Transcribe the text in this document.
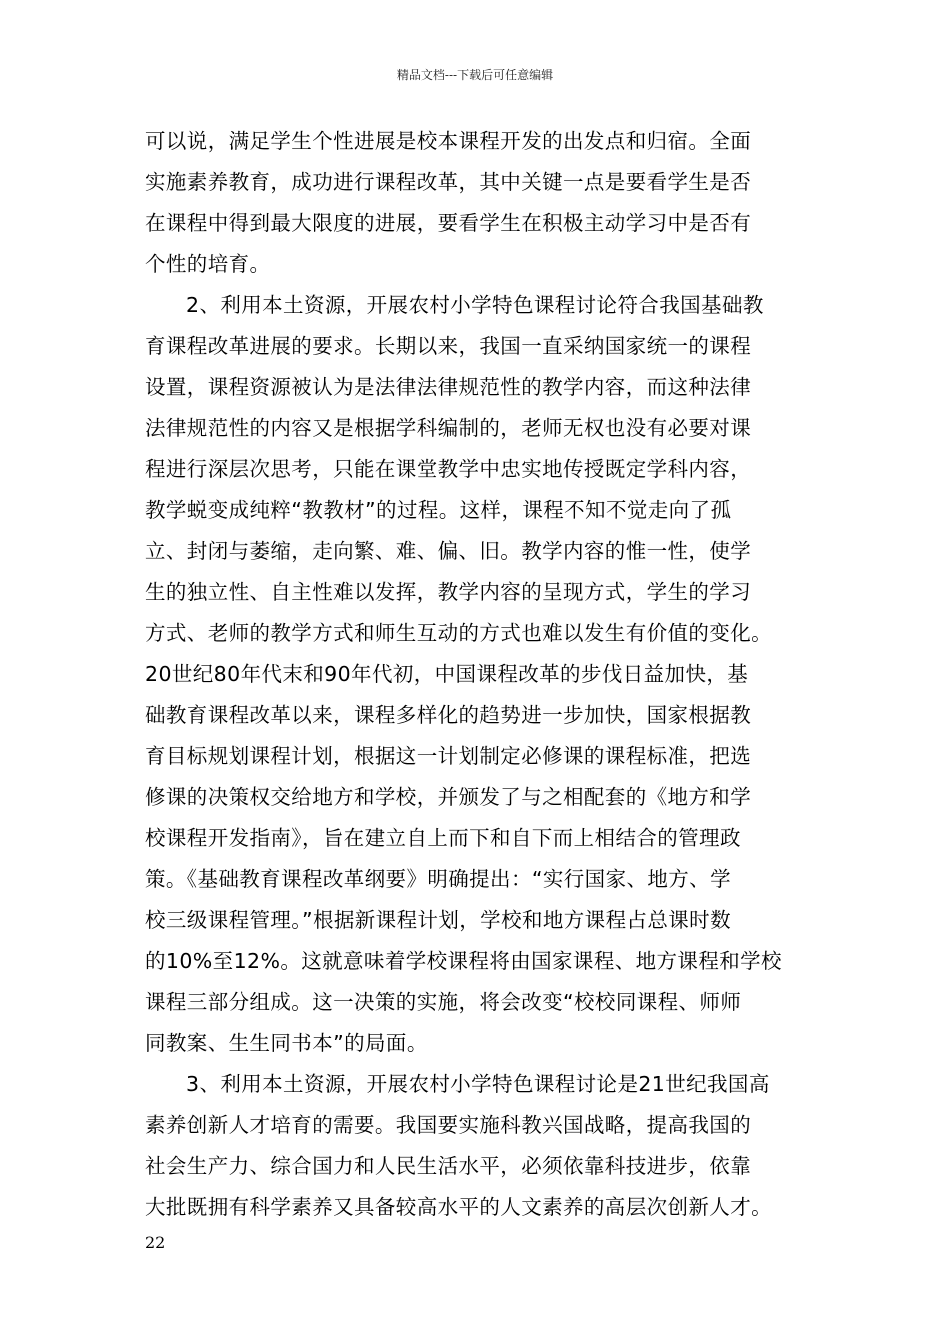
精品文档---下载后可任意编辑
可以说，满足学生个性进展是校本课程开发的出发点和归宿。全面
实施素养教育，成功进行课程改革，其中关键一点是要看学生是否
在课程中得到最大限度的进展，要看学生在积极主动学习中是否有
个性的培育。
2、利用本土资源，开展农村小学特色课程讨论符合我国基础教
育课程改革进展的要求。长期以来，我国一直采纳国家统一的课程
设置，课程资源被认为是法律法律规范性的教学内容，而这种法律
法律规范性的内容又是根据学科编制的，老师无权也没有必要对课
程进行深层次思考，只能在课堂教学中忠实地传授既定学科内容，
教学蜕变成纯粹“教教材”的过程。这样，课程不知不觉走向了孤
立、封闭与萎缩，走向繁、难、偏、旧。教学内容的惟一性，使学
生的独立性、自主性难以发挥，教学内容的呈现方式，学生的学习
方式、老师的教学方式和师生互动的方式也难以发生有价值的变化。
20世纪80年代末和90年代初，中国课程改革的步伐日益加快，基
础教育课程改革以来，课程多样化的趋势进一步加快，国家根据教
育目标规划课程计划，根据这一计划制定必修课的课程标准，把选
修课的决策权交给地方和学校，并颁发了与之相配套的《地方和学
校课程开发指南》，旨在建立自上而下和自下而上相结合的管理政
策。《基础教育课程改革纲要》明确提出：“实行国家、地方、学
校三级课程管理。”根据新课程计划，学校和地方课程占总课时数
的10%至12%。这就意味着学校课程将由国家课程、地方课程和学校
课程三部分组成。这一决策的实施，将会改变“校校同课程、师师
同教案、生生同书本”的局面。
3、利用本土资源，开展农村小学特色课程讨论是21世纪我国高
素养创新人才培育的需要。我国要实施科教兴国战略，提高我国的
社会生产力、综合国力和人民生活水平，必须依靠科技进步，依靠
大批既拥有科学素养又具备较高水平的人文素养的高层次创新人才。
22
